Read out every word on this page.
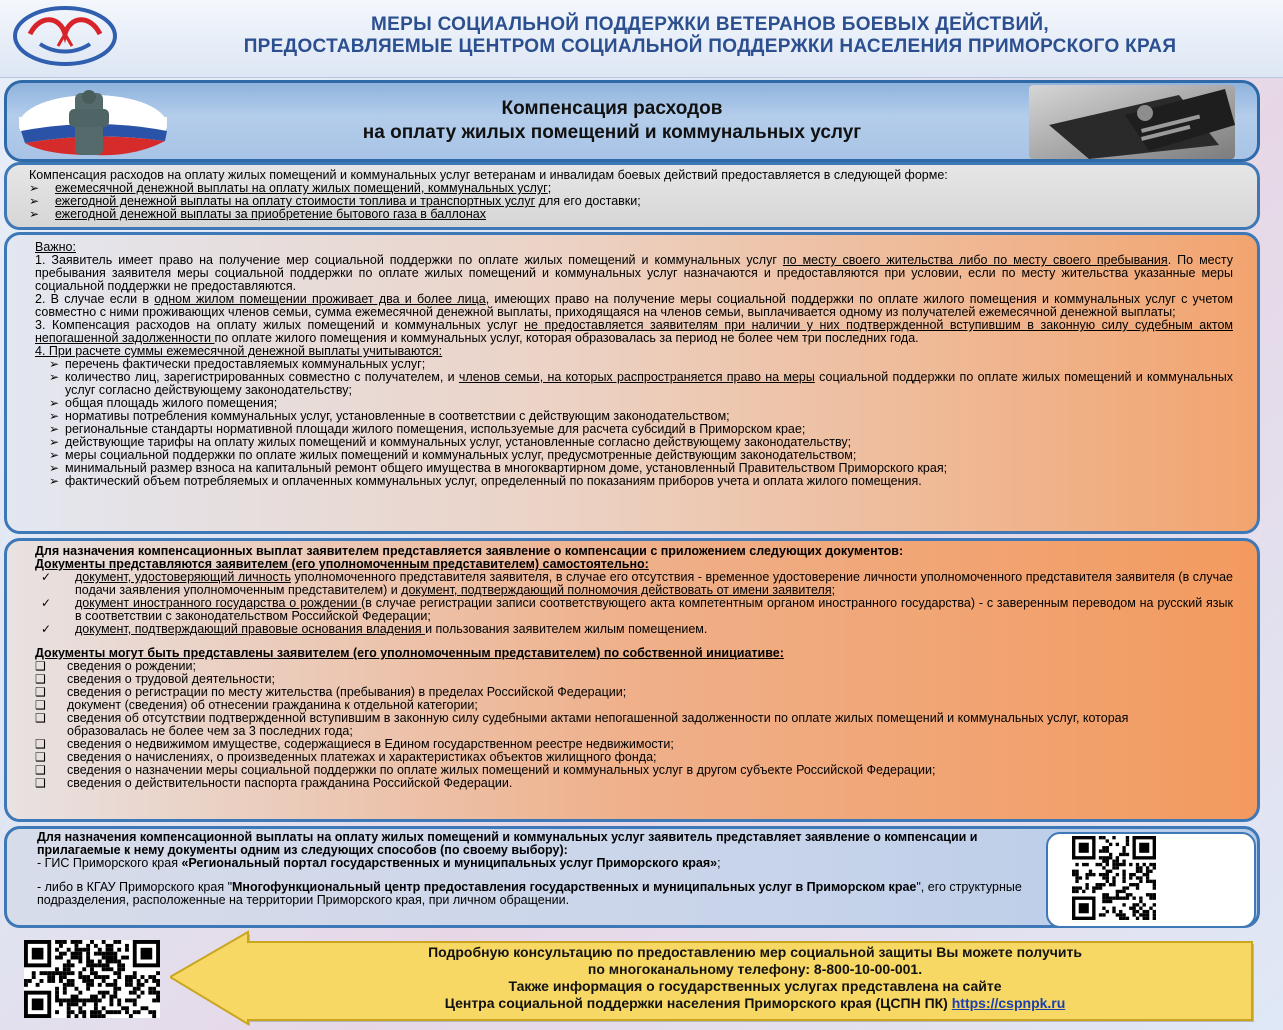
МЕРЫ СОЦИАЛЬНОЙ ПОДДЕРЖКИ ВЕТЕРАНОВ БОЕВЫХ ДЕЙСТВИЙ,
ПРЕДОСТАВЛЯЕМЫЕ ЦЕНТРОМ СОЦИАЛЬНОЙ ПОДДЕРЖКИ НАСЕЛЕНИЯ ПРИМОРСКОГО КРАЯ
Компенсация расходов
на оплату жилых помещений и коммунальных услуг

Компенсация расходов на оплату жилых помещений и коммунальных услуг ветеранам и инвалидам боевых действий предоставляется в следующей форме:

➢	ежемесячной денежной выплаты на оплату жилых помещений, коммунальных услуг;
➢	ежегодной денежной выплаты на оплату стоимости топлива и транспортных услуг для его доставки;
➢	ежегодной денежной выплаты за приобретение бытового газа в баллонах

Важно:

1. Заявитель имеет право на получение мер социальной поддержки по оплате жилых помещений и коммунальных услуг по месту своего жительства либо по месту своего пребывания. По месту пребывания заявителя меры социальной поддержки по оплате жилых помещений и коммунальных услуг назначаются и предоставляются при условии, если по месту жительства указанные меры социальной поддержки не предоставляются.

2. В случае если в одном жилом помещении проживает два и более лица, имеющих право на получение меры социальной поддержки по оплате жилого помещения и коммунальных услуг с учетом совместно с ними проживающих членов семьи, сумма ежемесячной денежной выплаты, приходящаяся на членов семьи, выплачивается одному из получателей ежемесячной денежной выплаты;

3. Компенсация расходов на оплату жилых помещений и коммунальных услуг не предоставляется заявителям при наличии у них подтвержденной вступившим в законную силу судебным актом непогашенной задолженности по оплате жилого помещения и коммунальных услуг, которая образовалась за период не более чем три последних года.

4. При расчете суммы ежемесячной денежной выплаты учитываются:

➢ перечень фактически предоставляемых коммунальных услуг;
➢ количество лиц, зарегистрированных совместно с получателем, и членов семьи, на которых распространяется право на меры социальной поддержки по оплате жилых помещений и коммунальных услуг согласно действующему законодательству;
➢ общая площадь жилого помещения;
➢ нормативы потребления коммунальных услуг, установленные в соответствии с действующим законодательством;
➢ региональные стандарты нормативной площади жилого помещения, используемые для расчета субсидий в Приморском крае;
➢ действующие тарифы на оплату жилых помещений и коммунальных услуг, установленные согласно действующему законодательству;
➢ меры социальной поддержки по оплате жилых помещений и коммунальных услуг, предусмотренные действующим законодательством;
➢ минимальный размер взноса на капитальный ремонт общего имущества в многоквартирном доме, установленный Правительством Приморского края;
➢ фактический объем потребляемых и оплаченных коммунальных услуг, определенный по показаниям приборов учета и оплата жилого помещения.

Для назначения компенсационных выплат заявителем представляется заявление о компенсации с приложением следующих документов:

Документы представляются заявителем (его уполномоченным представителем) самостоятельно:

✓	документ, удостоверяющий личность уполномоченного представителя заявителя, в случае его отсутствия - временное удостоверение личности уполномоченного представителя заявителя (в случае подачи заявления уполномоченным представителем) и документ, подтверждающий полномочия действовать от имени заявителя;
✓	документ иностранного государства о рождении (в случае регистрации записи соответствующего акта компетентным органом иностранного государства) - с заверенным переводом на русский язык в соответствии с законодательством Российской Федерации;
✓	документ, подтверждающий правовые основания владения и пользования заявителем жилым помещением.

Документы могут быть представлены заявителем (его уполномоченным представителем) по собственной инициативе:

❑	сведения о рождении;
❑	сведения о трудовой деятельности;
❑	сведения о регистрации по месту жительства (пребывания) в пределах Российской Федерации;
❑	документ (сведения) об отнесении гражданина к отдельной категории;
❑	сведения об отсутствии подтвержденной вступившим в законную силу судебными актами непогашенной задолженности по оплате жилых помещений и коммунальных услуг, которая образовалась не более чем за 3 последних года;
❑	сведения о недвижимом имуществе, содержащиеся в Едином государственном реестре недвижимости;
❑	сведения о начислениях, о произведенных платежах и характеристиках объектов жилищного фонда;
❑	сведения о назначении меры социальной поддержки по оплате жилых помещений и коммунальных услуг в другом субъекте Российской Федерации;
❑	сведения о действительности паспорта гражданина Российской Федерации.

Для назначения компенсационной выплаты на оплату жилых помещений и коммунальных услуг заявитель представляет заявление о компенсации и прилагаемые к нему документы одним из следующих способов (по своему выбору):

- ГИС Приморского края «Региональный портал государственных и муниципальных услуг Приморского края»;

- либо в КГАУ Приморского края "Многофункциональный центр предоставления государственных и муниципальных услуг в Приморском крае", его структурные подразделения, расположенные на территории Приморского края, при личном обращении.

Подробную консультацию по предоставлению мер социальной защиты Вы можете получить
по многоканальному телефону: 8-800-10-00-001.
Также информация о государственных услугах представлена на сайте
Центра социальной поддержки населения Приморского края (ЦСПН ПК) https://cspnpk.ru
